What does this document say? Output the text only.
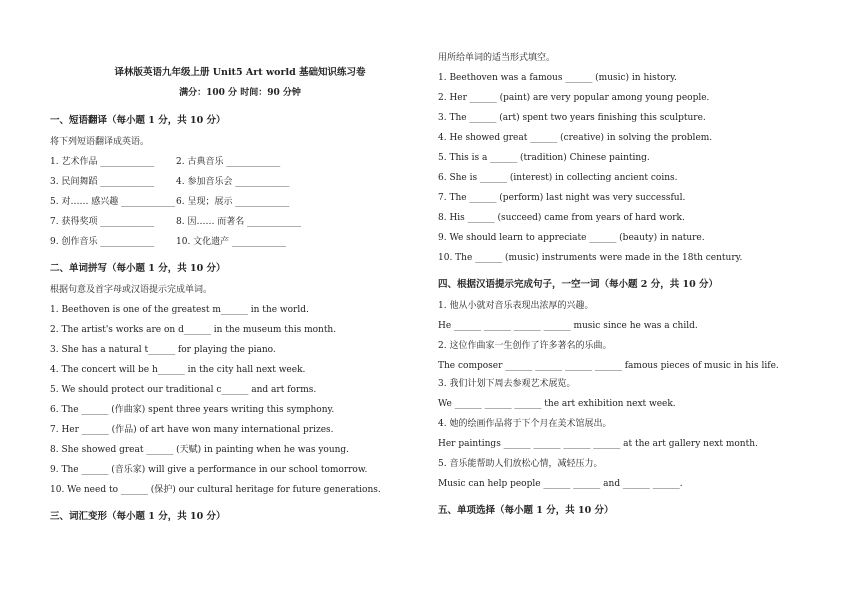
译林版英语九年级上册 Unit5 Art world 基础知识练习卷
满分：100 分 时间：90 分钟
一、短语翻译（每小题 1 分，共 10 分）
将下列短语翻译成英语。
1. 艺术作品 ____________	2. 古典音乐 ____________
3. 民间舞蹈 ____________	4. 参加音乐会 ____________
5. 对…… 感兴趣 ____________ 6. 呈现；展示 ____________
7. 获得奖项 ____________	8. 因…… 而著名 ____________
9. 创作音乐 ____________	10. 文化遗产 ____________
二、单词拼写（每小题 1 分，共 10 分）
根据句意及首字母或汉语提示完成单词。
1. Beethoven is one of the greatest m______ in the world.
2. The artist's works are on d______ in the museum this month.
3. She has a natural t______ for playing the piano.
4. The concert will be h______ in the city hall next week.
5. We should protect our traditional c______ and art forms.
6. The ______ (作曲家) spent three years writing this symphony.
7. Her ______ (作品) of art have won many international prizes.
8. She showed great ______ (天赋) in painting when he was young.
9. The ______ (音乐家) will give a performance in our school tomorrow.
10. We need to ______ (保护) our cultural heritage for future generations.
三、词汇变形（每小题 1 分，共 10 分）
用所给单词的适当形式填空。
1. Beethoven was a famous ______ (music) in history.
2. Her ______ (paint) are very popular among young people.
3. The ______ (art) spent two years finishing this sculpture.
4. He showed great ______ (creative) in solving the problem.
5. This is a ______ (tradition) Chinese painting.
6. She is ______ (interest) in collecting ancient coins.
7. The ______ (perform) last night was very successful.
8. His ______ (succeed) came from years of hard work.
9. We should learn to appreciate ______ (beauty) in nature.
10. The ______ (music) instruments were made in the 18th century.
四、根据汉语提示完成句子，一空一词（每小题 2 分，共 10 分）
1. 他从小就对音乐表现出浓厚的兴趣。
He ______ ______ ______ ______ music since he was a child.
2. 这位作曲家一生创作了许多著名的乐曲。
The composer ______ ______ ______ ______ famous pieces of music in his life.
3. 我们计划下周去参观艺术展览。
We ______ ______ ______ the art exhibition next week.
4. 她的绘画作品将于下个月在美术馆展出。
Her paintings ______ ______ ______ ______ at the art gallery next month.
5. 音乐能帮助人们放松心情，减轻压力。
Music can help people ______ ______ and ______ ______.
五、单项选择（每小题 1 分，共 10 分）
